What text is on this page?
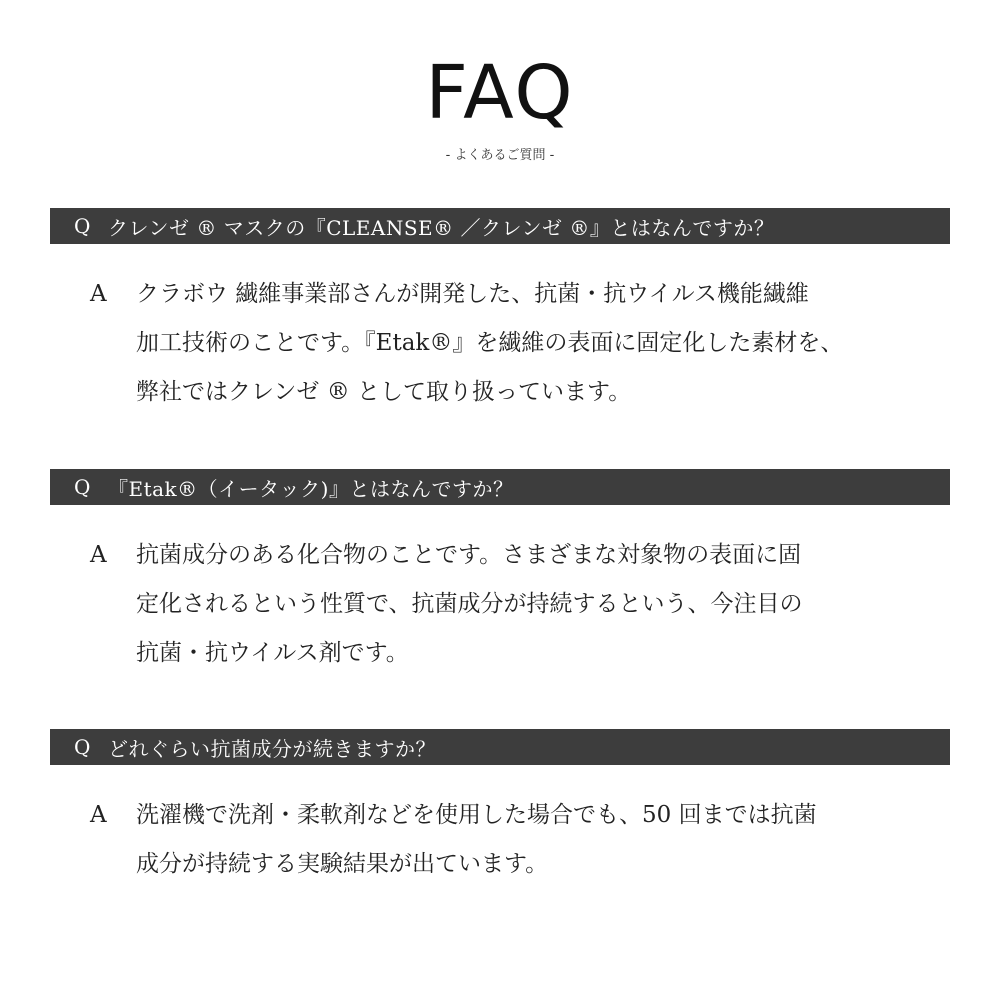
FAQ
- よくあるご質問 -
Q クレンゼ ® マスクの『CLEANSE® ／クレンゼ ®』とはなんですか？
A クラボウ 繊維事業部さんが開発した、抗菌・抗ウイルス機能繊維
加工技術のことです。『Etak®』を繊維の表面に固定化した素材を、
弊社ではクレンゼ ® として取り扱っています。
Q 『Etak®（イータック)』とはなんですか？
A 抗菌成分のある化合物のことです。さまざまな対象物の表面に固
定化されるという性質で、抗菌成分が持続するという、今注目の
抗菌・抗ウイルス剤です。
Q どれぐらい抗菌成分が続きますか？
A 洗濯機で洗剤・柔軟剤などを使用した場合でも、50 回までは抗菌
成分が持続する実験結果が出ています。
